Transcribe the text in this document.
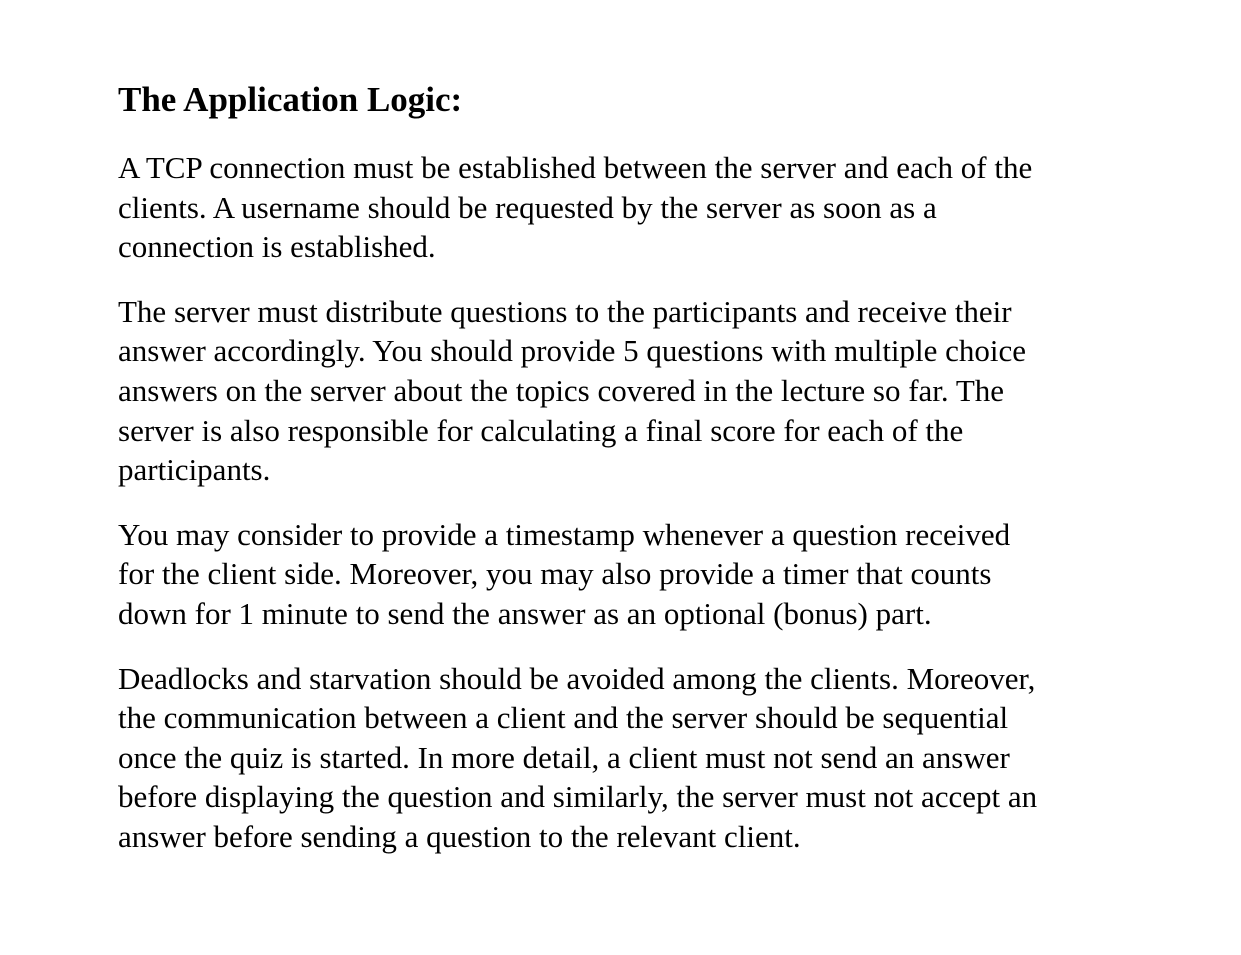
The Application Logic:

A TCP connection must be established between the server and each of the
clients. A username should be requested by the server as soon as a
connection is established.

The server must distribute questions to the participants and receive their
answer accordingly. You should provide 5 questions with multiple choice
answers on the server about the topics covered in the lecture so far. The
server is also responsible for calculating a final score for each of the
participants.

You may consider to provide a timestamp whenever a question received
for the client side. Moreover, you may also provide a timer that counts
down for 1 minute to send the answer as an optional (bonus) part.

Deadlocks and starvation should be avoided among the clients. Moreover,
the communication between a client and the server should be sequential
once the quiz is started. In more detail, a client must not send an answer
before displaying the question and similarly, the server must not accept an
answer before sending a question to the relevant client.
